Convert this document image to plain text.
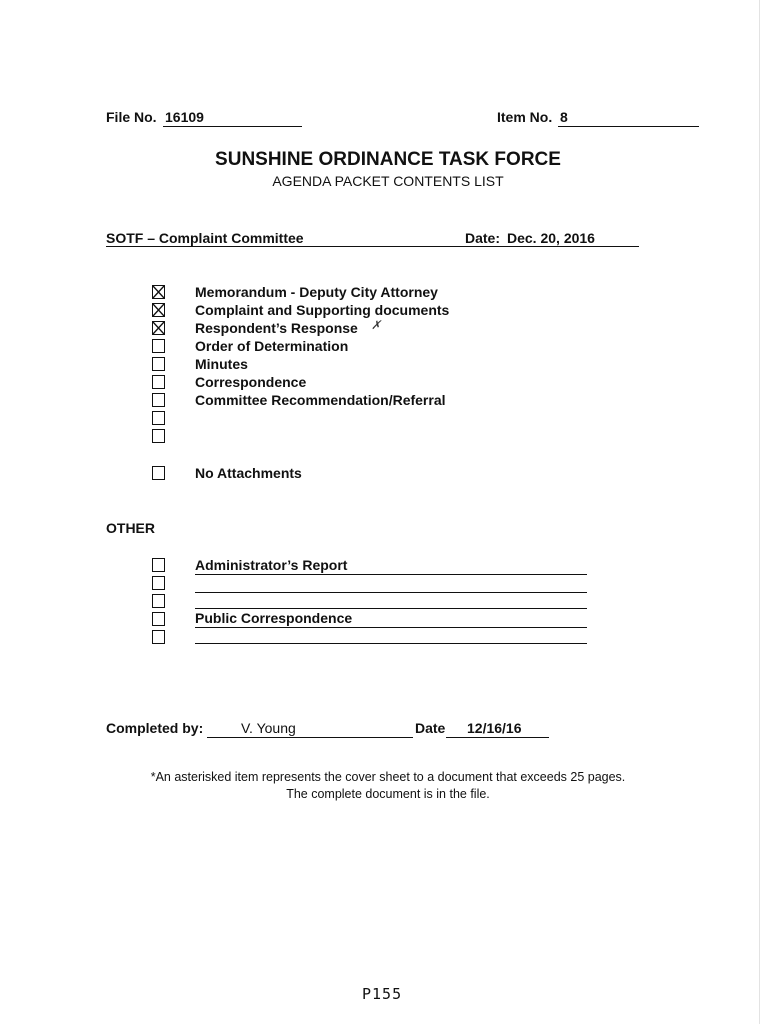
File No. 16109	Item No. 8
SUNSHINE ORDINANCE TASK FORCE
AGENDA PACKET CONTENTS LIST
SOTF – Complaint Committee	Date: Dec. 20, 2016
Memorandum - Deputy City Attorney
Complaint and Supporting documents
Respondent’s Response
Order of Determination
Minutes
Correspondence
Committee Recommendation/Referral
No Attachments
✗
OTHER
Administrator’s Report
Public Correspondence
Completed by:	V. Young	Date 12/16/16
*An asterisked item represents the cover sheet to a document that exceeds 25 pages.
The complete document is in the file.
P155
